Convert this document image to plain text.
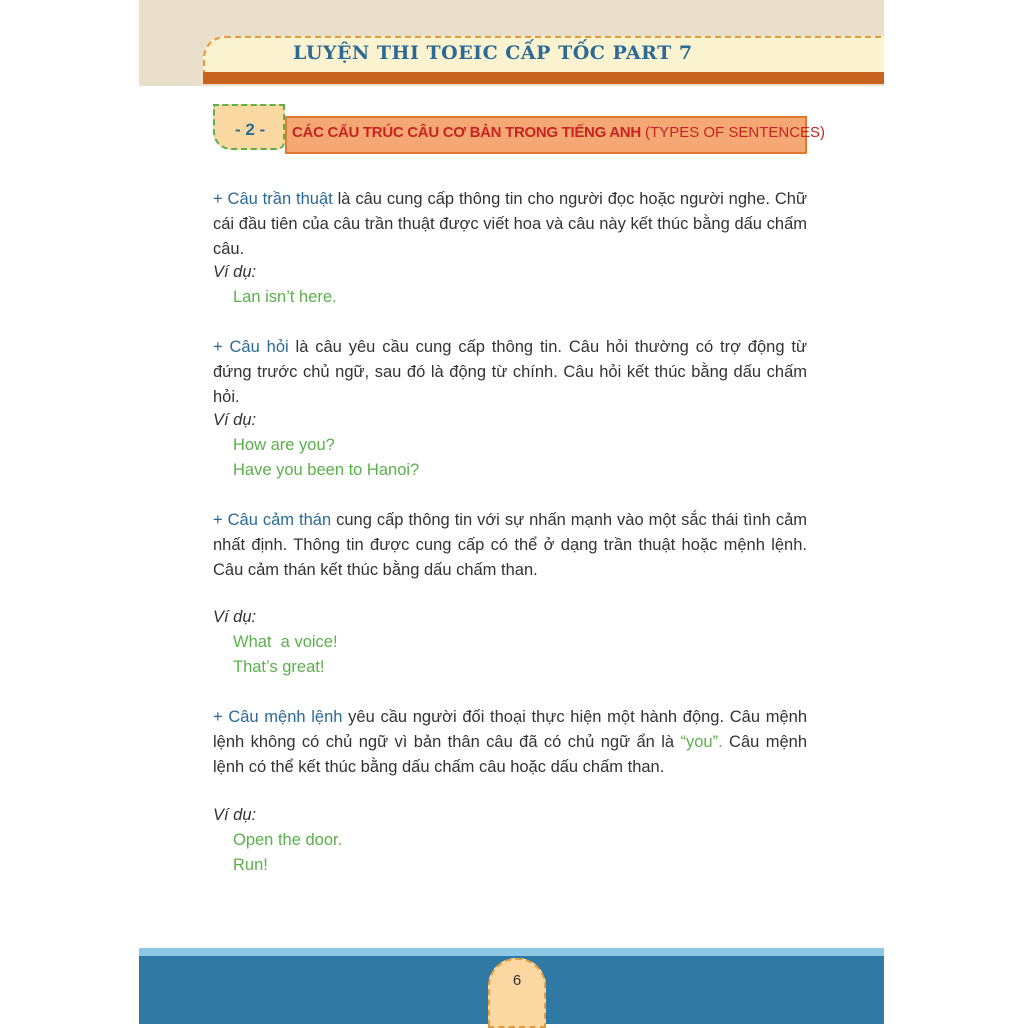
LUYỆN THI TOEIC CẤP TỐC PART 7
- 2 - CÁC CẤU TRÚC CÂU CƠ BẢN TRONG TIẾNG ANH (TYPES OF SENTENCES)
+ Câu trần thuật là câu cung cấp thông tin cho người đọc hoặc người nghe. Chữ cái đầu tiên của câu trần thuật được viết hoa và câu này kết thúc bằng dấu chấm câu.
Ví dụ:
Lan isn’t here.
+ Câu hỏi là câu yêu cầu cung cấp thông tin. Câu hỏi thường có trợ động từ đứng trước chủ ngữ, sau đó là động từ chính. Câu hỏi kết thúc bằng dấu chấm hỏi.
Ví dụ:
How are you?
Have you been to Hanoi?
+ Câu cảm thán cung cấp thông tin với sự nhấn mạnh vào một sắc thái tình cảm nhất định. Thông tin được cung cấp có thể ở dạng trần thuật hoặc mệnh lệnh. Câu cảm thán kết thúc bằng dấu chấm than.
Ví dụ:
What  a voice!
That’s great!
+ Câu mệnh lệnh yêu cầu người đối thoại thực hiện một hành động. Câu mệnh lệnh không có chủ ngữ vì bản thân câu đã có chủ ngữ ẩn là “you”. Câu mệnh lệnh có thể kết thúc bằng dấu chấm câu hoặc dấu chấm than.
Ví dụ:
Open the door.
Run!
6
